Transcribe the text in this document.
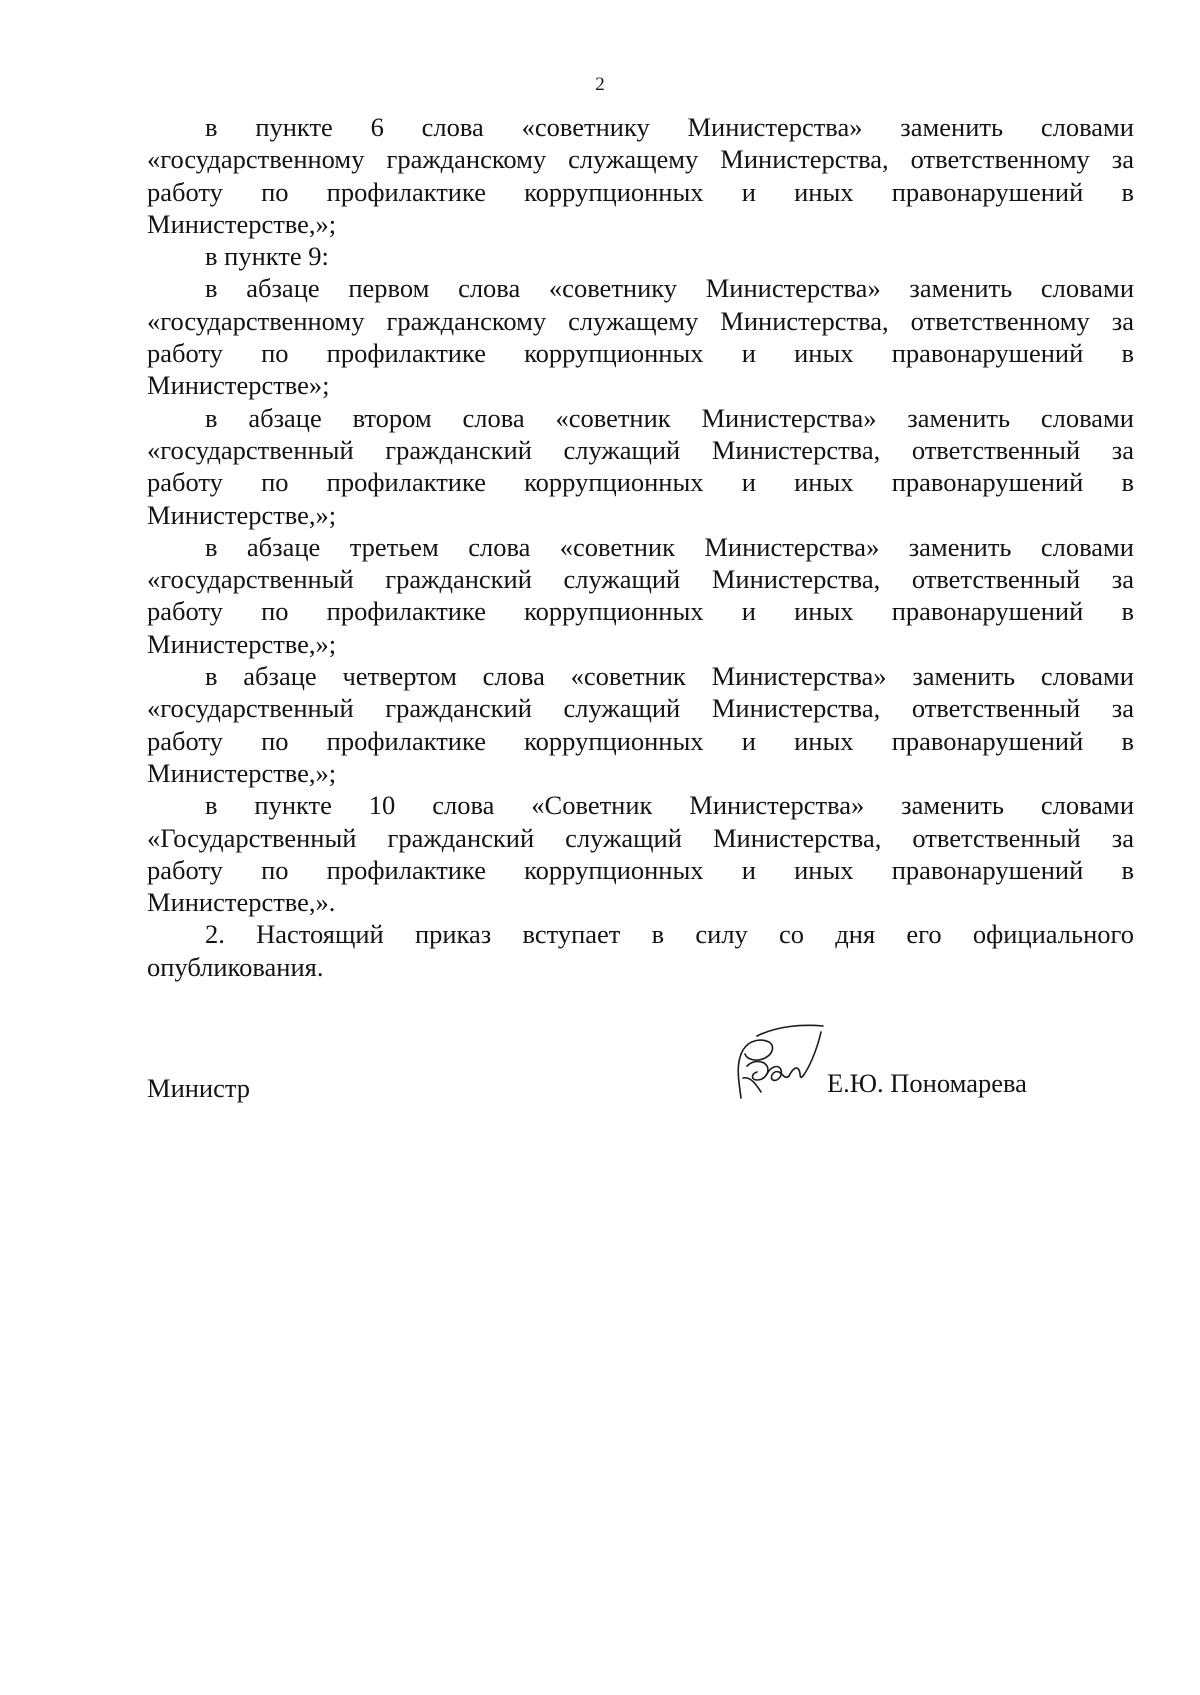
2
в пункте 6 слова «советнику Министерства» заменить словами
«государственному гражданскому служащему Министерства, ответственному за
работу по профилактике коррупционных и иных правонарушений в
Министерстве,»;
в пункте 9:
в абзаце первом слова «советнику Министерства» заменить словами
«государственному гражданскому служащему Министерства, ответственному за
работу по профилактике коррупционных и иных правонарушений в
Министерстве»;
в абзаце втором слова «советник Министерства» заменить словами
«государственный гражданский служащий Министерства, ответственный за
работу по профилактике коррупционных и иных правонарушений в
Министерстве,»;
в абзаце третьем слова «советник Министерства» заменить словами
«государственный гражданский служащий Министерства, ответственный за
работу по профилактике коррупционных и иных правонарушений в
Министерстве,»;
в абзаце четвертом слова «советник Министерства» заменить словами
«государственный гражданский служащий Министерства, ответственный за
работу по профилактике коррупционных и иных правонарушений в
Министерстве,»;
в пункте 10 слова «Советник Министерства» заменить словами
«Государственный гражданский служащий Министерства, ответственный за
работу по профилактике коррупционных и иных правонарушений в
Министерстве,».
2. Настоящий приказ вступает в силу со дня его официального
опубликования.
Министр	Е.Ю. Пономарева
